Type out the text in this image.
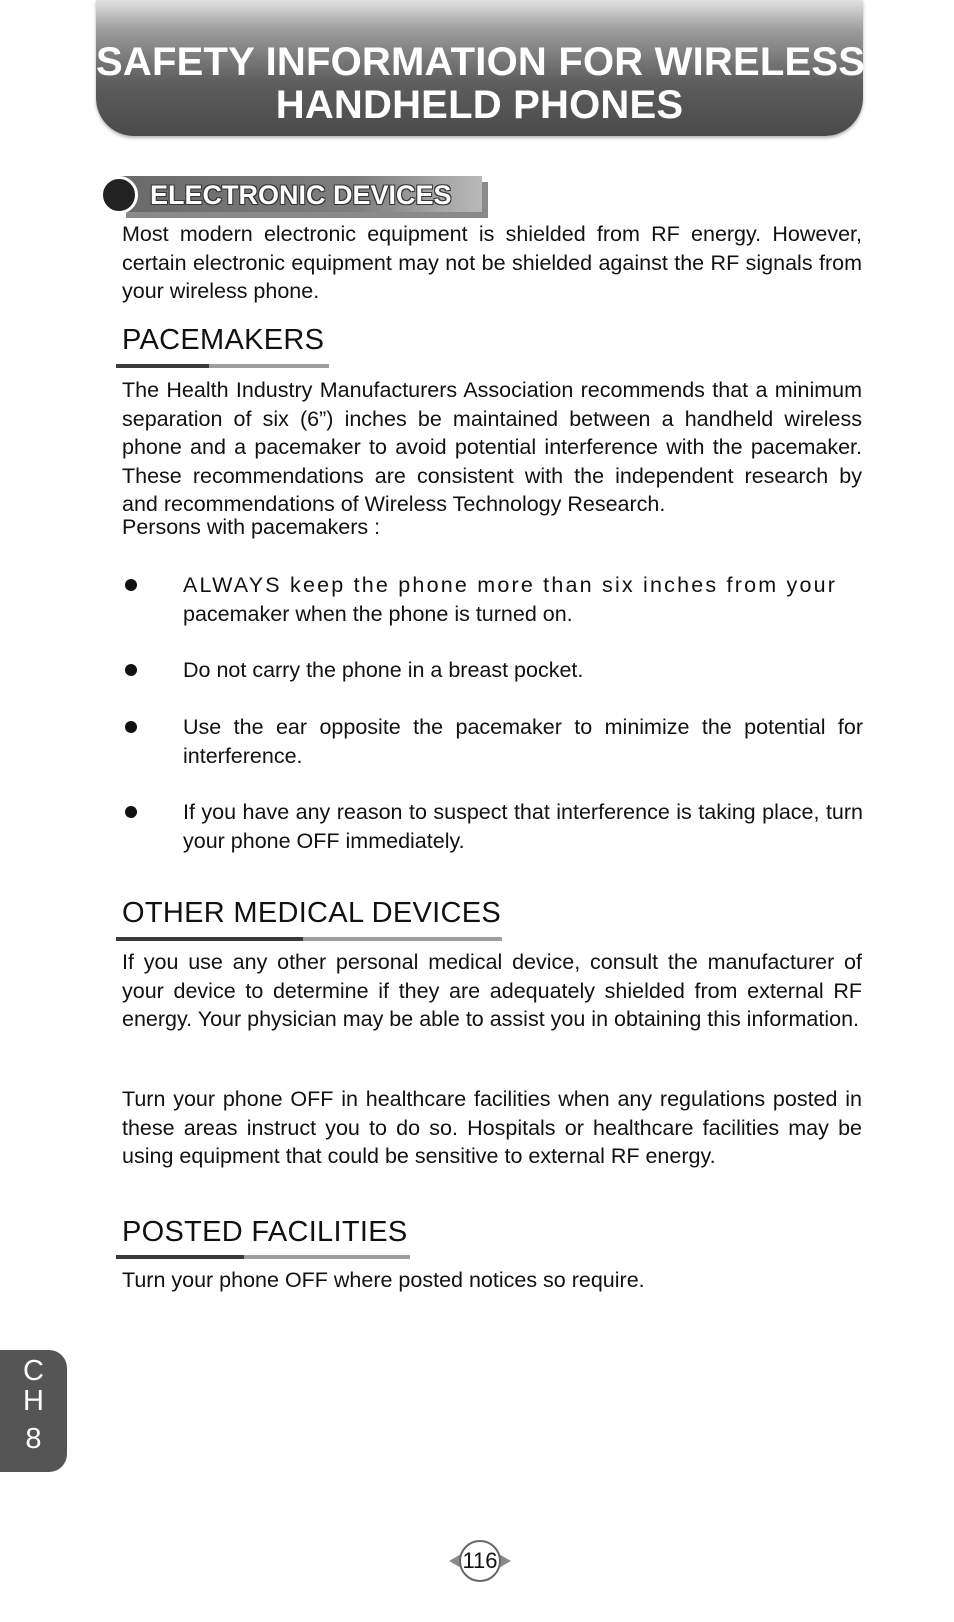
SAFETY INFORMATION FOR WIRELESS
HANDHELD PHONES
ELECTRONIC DEVICES

Most modern electronic equipment is shielded from RF energy. However, certain electronic equipment may not be shielded against the RF signals from your wireless phone.

PACEMAKERS

The Health Industry Manufacturers Association recommends that a minimum separation of six (6”) inches be maintained between a handheld wireless phone and a pacemaker to avoid potential interference with the pacemaker. These recommendations are consistent with the independent research by and recommendations of Wireless Technology Research.

Persons with pacemakers :

ALWAYS keep the phone more than six inches from your
pacemaker when the phone is turned on.
Do not carry the phone in a breast pocket.
Use the ear opposite the pacemaker to minimize the potential for interference.
If you have any reason to suspect that interference is taking place, turn your phone OFF immediately.
OTHER MEDICAL DEVICES

If you use any other personal medical device, consult the manufacturer of your device to determine if they are adequately shielded from external RF energy. Your physician may be able to assist you in obtaining this information.

Turn your phone OFF in healthcare facilities when any regulations posted in these areas instruct you to do so. Hospitals or healthcare facilities may be using equipment that could be sensitive to external RF energy.

POSTED FACILITIES

Turn your phone OFF where posted notices so require.

C
H
8
116
